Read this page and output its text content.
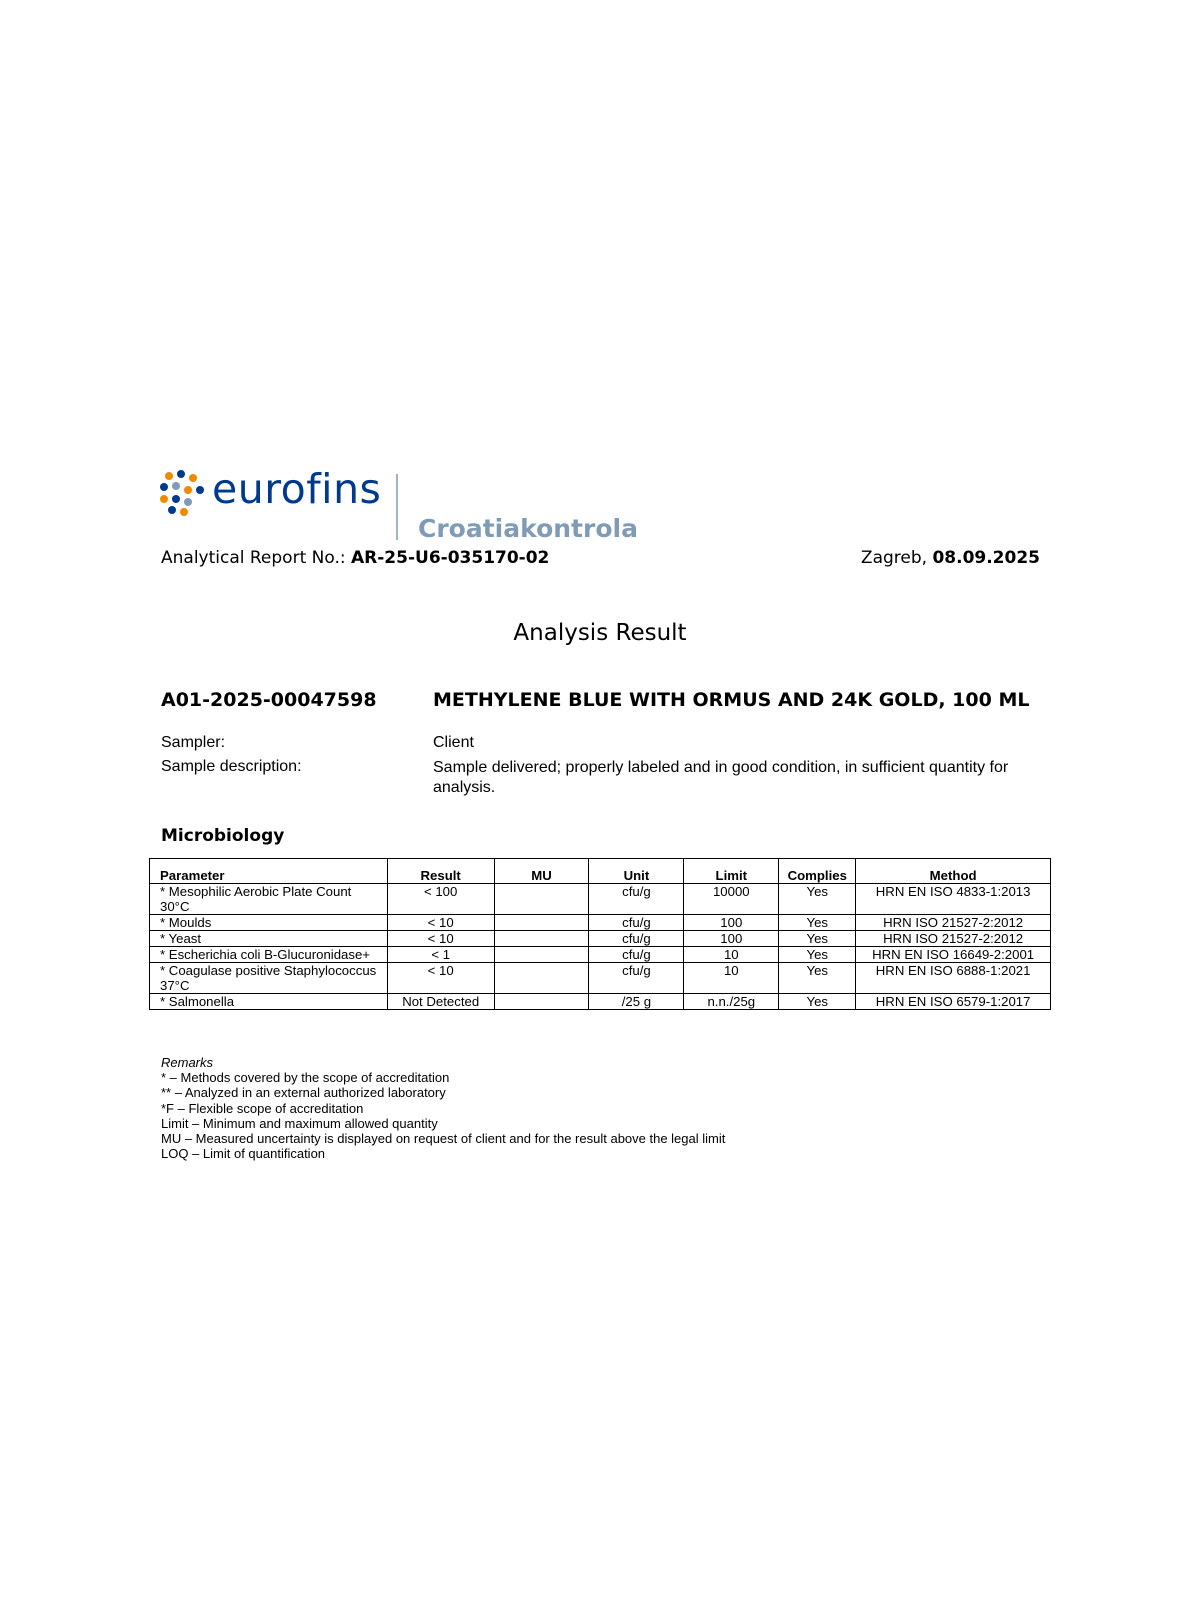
eurofins
Croatiakontrola
Analytical Report No.: AR-25-U6-035170-02	Zagreb, 08.09.2025
Analysis Result
A01-2025-00047598	METHYLENE BLUE WITH ORMUS AND 24K GOLD, 100 ML
Sampler:	Client
Sample description:	Sample delivered; properly labeled and in good condition, in sufficient quantity for analysis.
Microbiology
Parameter	Result	MU	Unit	Limit	Complies	Method
* Mesophilic Aerobic Plate Count 30°C	< 100		cfu/g	10000	Yes	HRN EN ISO 4833-1:2013
* Moulds	< 10		cfu/g	100	Yes	HRN ISO 21527-2:2012
* Yeast	< 10		cfu/g	100	Yes	HRN ISO 21527-2:2012
* Escherichia coli B-Glucuronidase+	< 1		cfu/g	10	Yes	HRN EN ISO 16649-2:2001
* Coagulase positive Staphylococcus 37°C	< 10		cfu/g	10	Yes	HRN EN ISO 6888-1:2021
* Salmonella	Not Detected		/25 g	n.n./25g	Yes	HRN EN ISO 6579-1:2017
Remarks
* – Methods covered by the scope of accreditation
** – Analyzed in an external authorized laboratory
*F – Flexible scope of accreditation
Limit – Minimum and maximum allowed quantity
MU – Measured uncertainty is displayed on request of client and for the result above the legal limit
LOQ – Limit of quantification
